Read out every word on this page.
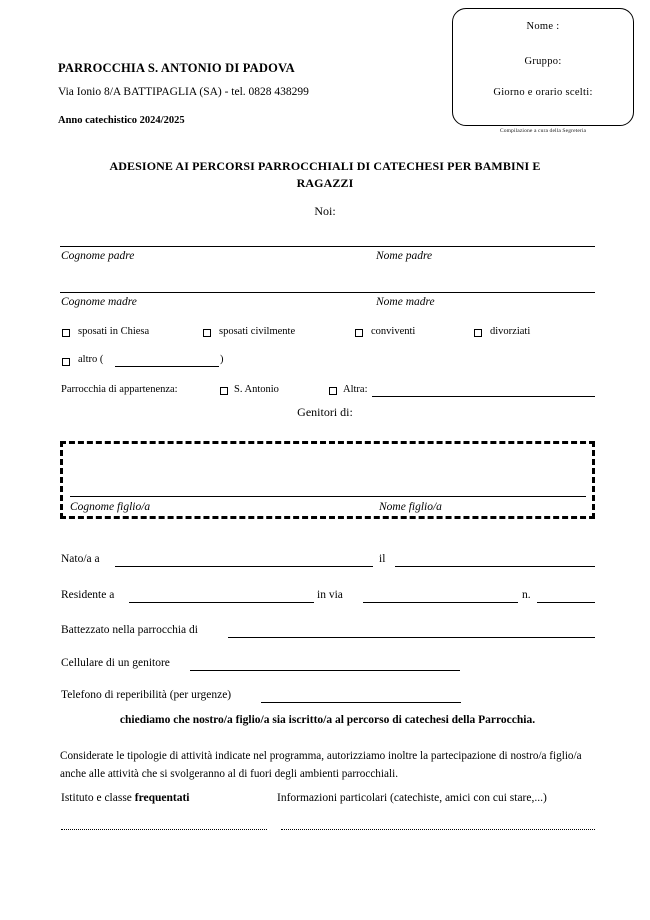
Nome :
Gruppo:
Giorno e orario scelti:
Compilazione a cura della Segreteria
PARROCCHIA S. ANTONIO DI PADOVA
Via Ionio 8/A BATTIPAGLIA (SA) - tel. 0828 438299
Anno catechistico 2024/2025
ADESIONE AI PERCORSI PARROCCHIALI DI CATECHESI PER BAMBINI E
RAGAZZI
Noi:
Cognome padre	Nome padre
Cognome madre	Nome madre
sposati in Chiesa	sposati civilmente	conviventi	divorziati
altro (	)
Parrocchia di appartenenza:	S. Antonio	Altra:
Genitori di:
Cognome figlio/a	Nome figlio/a
Nato/a a	il
Residente a	in via	n.
Battezzato nella parrocchia di
Cellulare di un genitore
Telefono di reperibilità (per urgenze)
chiediamo che nostro/a figlio/a sia iscritto/a al percorso di catechesi della Parrocchia.
Considerate le tipologie di attività indicate nel programma, autorizziamo inoltre la partecipazione di nostro/a figlio/a anche alle attività che si svolgeranno al di fuori degli ambienti parrocchiali.
Istituto e classe frequentati	Informazioni particolari (catechiste, amici con cui stare,...)
